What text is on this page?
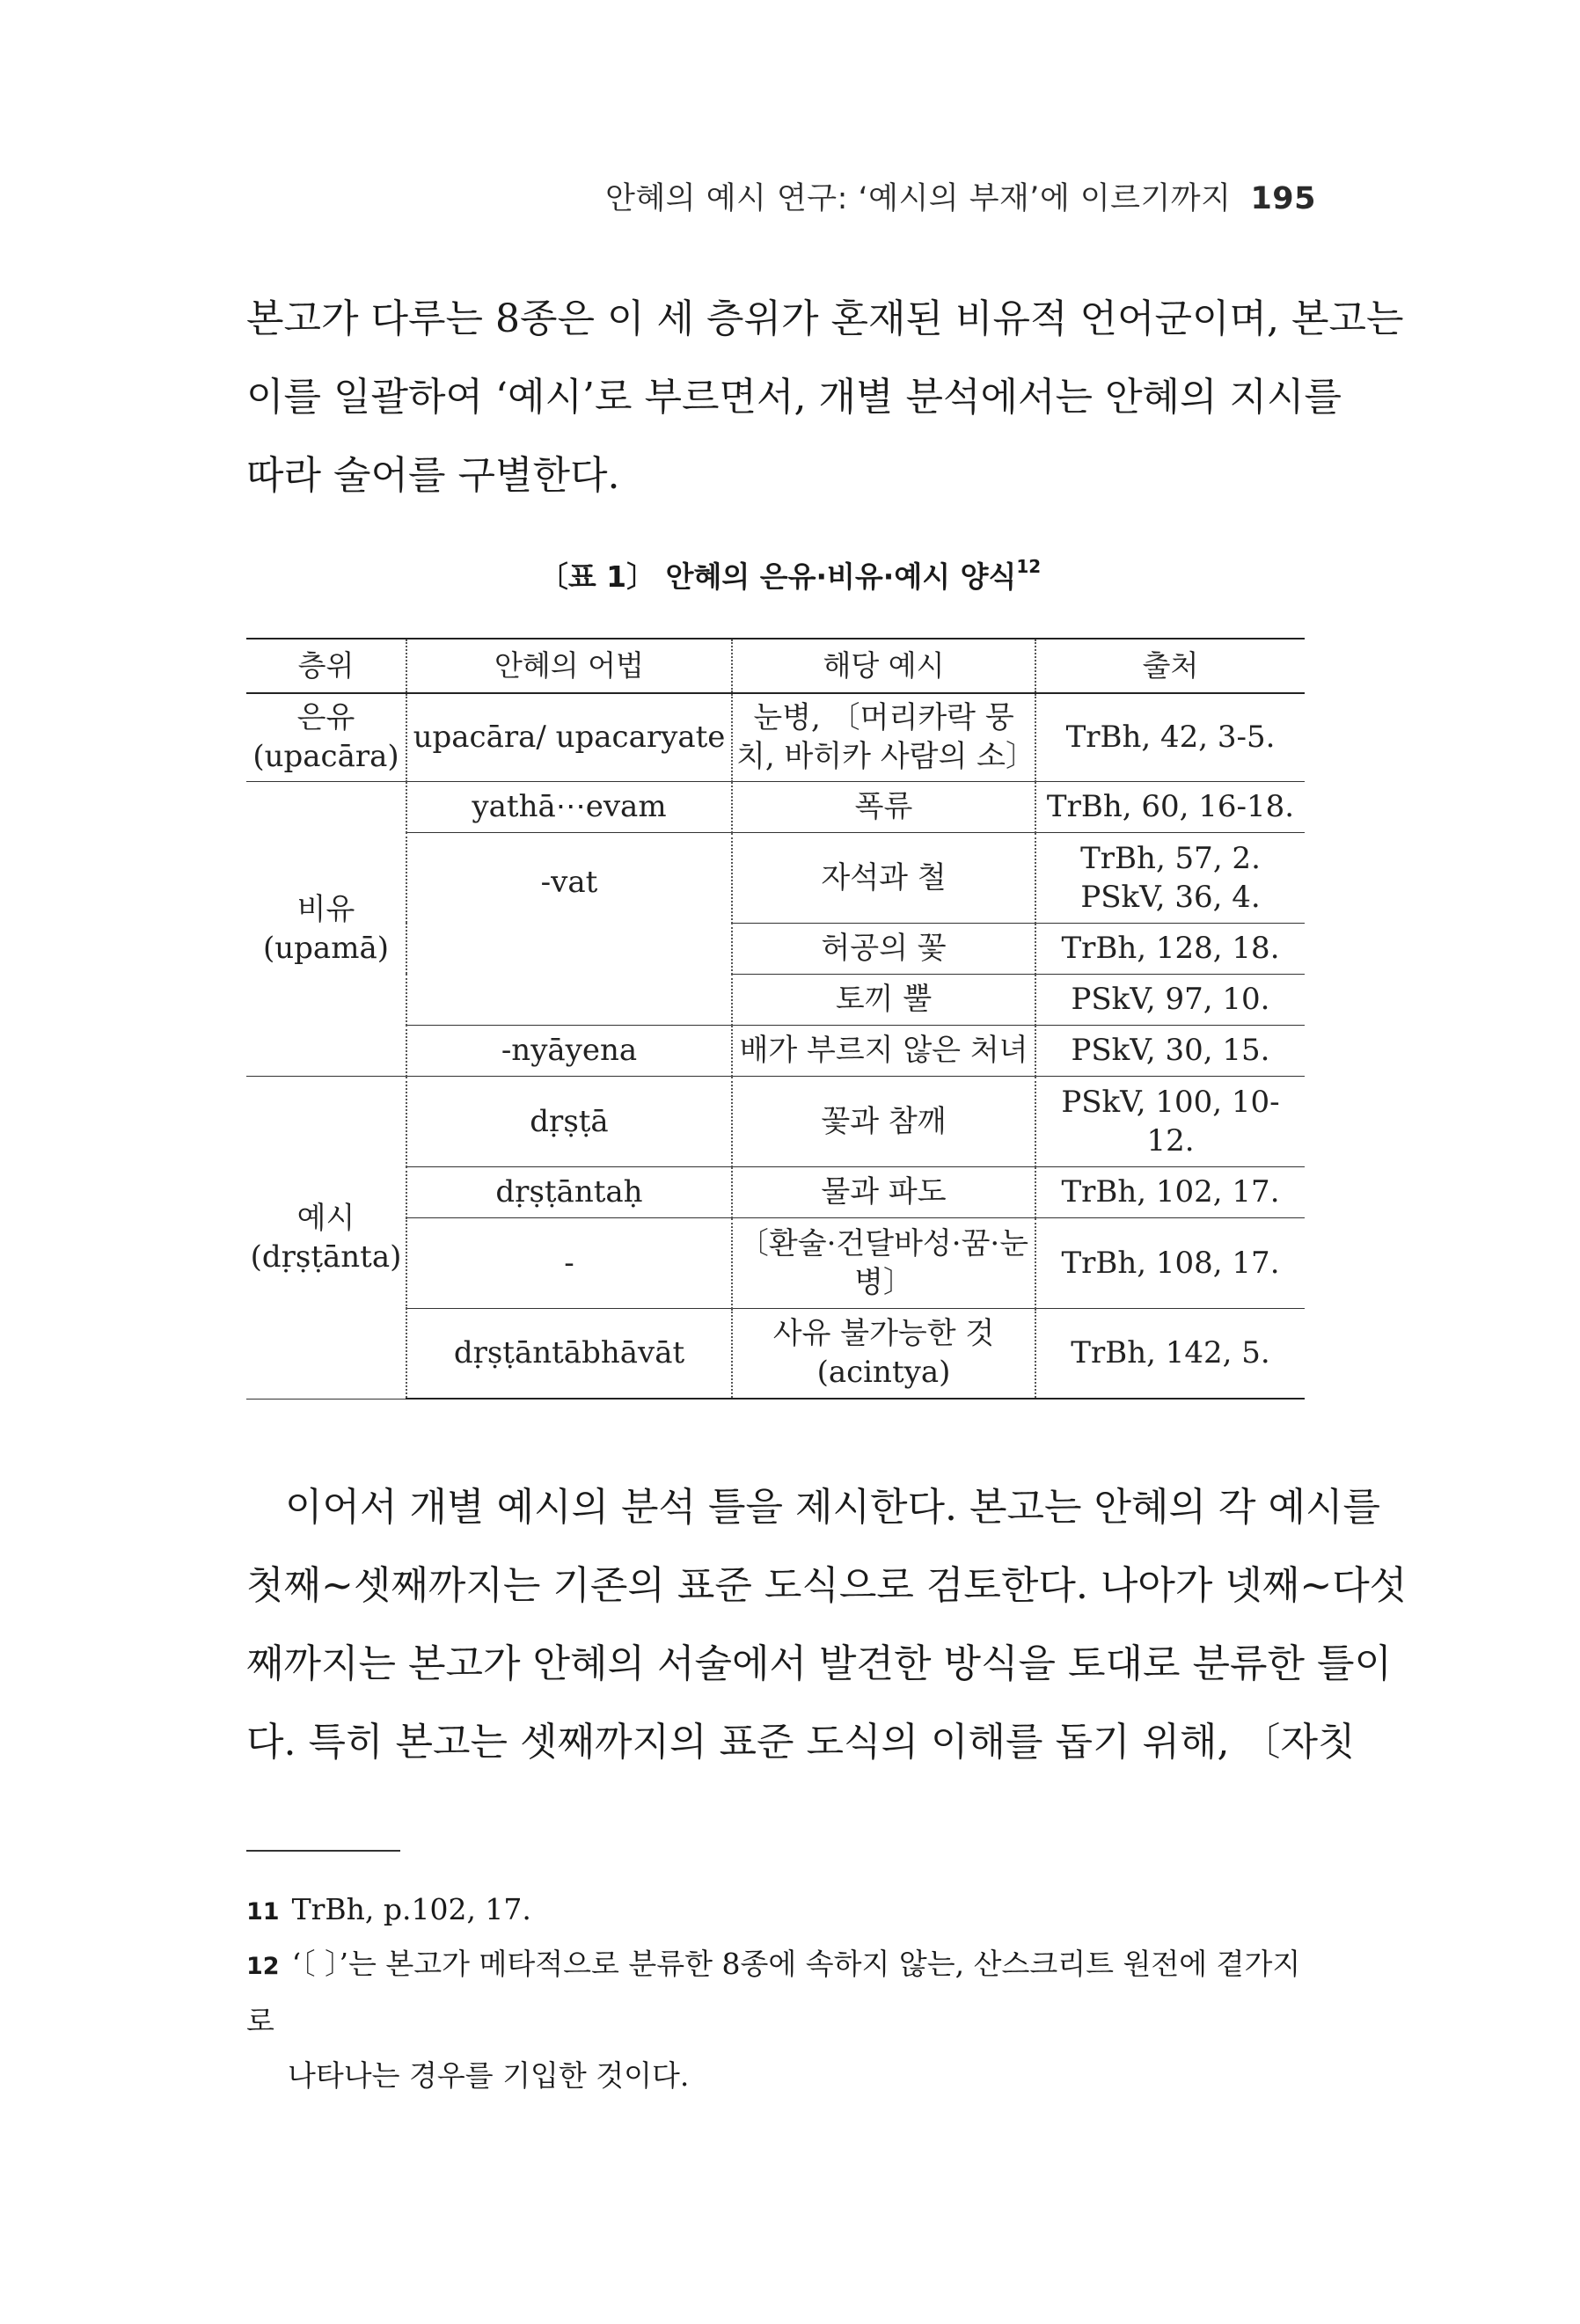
안혜의 예시 연구: ‘예시의 부재’에 이르기까지 195
본고가 다루는 8종은 이 세 층위가 혼재된 비유적 언어군이며, 본고는
이를 일괄하여 ‘예시’로 부르면서, 개별 분석에서는 안혜의 지시를
따라 술어를 구별한다.
〔표 1〕 안혜의 은유·비유·예시 양식$^{12}$
층위	안혜의 어법	해당 예시	출처
은유
(upacāra)	upacāra/ upacaryate	눈병, 〔머리카락 뭉치, 바히카 사람의 소〕	TrBh, 42, 3-5.
비유
(upamā)	yathā⋯evam	폭류	TrBh, 60, 16-18.
	-vat	자석과 철	TrBh, 57, 2. PSkV, 36, 4.
		허공의 꽃	TrBh, 128, 18.
		토끼 뿔	PSkV, 97, 10.
	-nyāyena	배가 부르지 않은 처녀	PSkV, 30, 15.
예시
(dṛṣṭānta)	dṛṣṭā	꽃과 참깨	PSkV, 100, 10-12.
	dṛṣṭāntaḥ	물과 파도	TrBh, 102, 17.
	-	〔환술·건달바성·꿈·눈병〕	TrBh, 108, 17.
	dṛṣṭāntābhāvāt	사유 불가능한 것 (acintya)	TrBh, 142, 5.
이어서 개별 예시의 분석 틀을 제시한다. 본고는 안혜의 각 예시를
첫째~셋째까지는 기존의 표준 도식으로 검토한다. 나아가 넷째~다섯
째까지는 본고가 안혜의 서술에서 발견한 방식을 토대로 분류한 틀이
다. 특히 본고는 셋째까지의 표준 도식의 이해를 돕기 위해, 〔자칫

11 TrBh, p.102, 17.

12 ‘〔 〕’는 본고가 메타적으로 분류한 8종에 속하지 않는, 산스크리트 원전에 곁가지로
나타나는 경우를 기입한 것이다.
